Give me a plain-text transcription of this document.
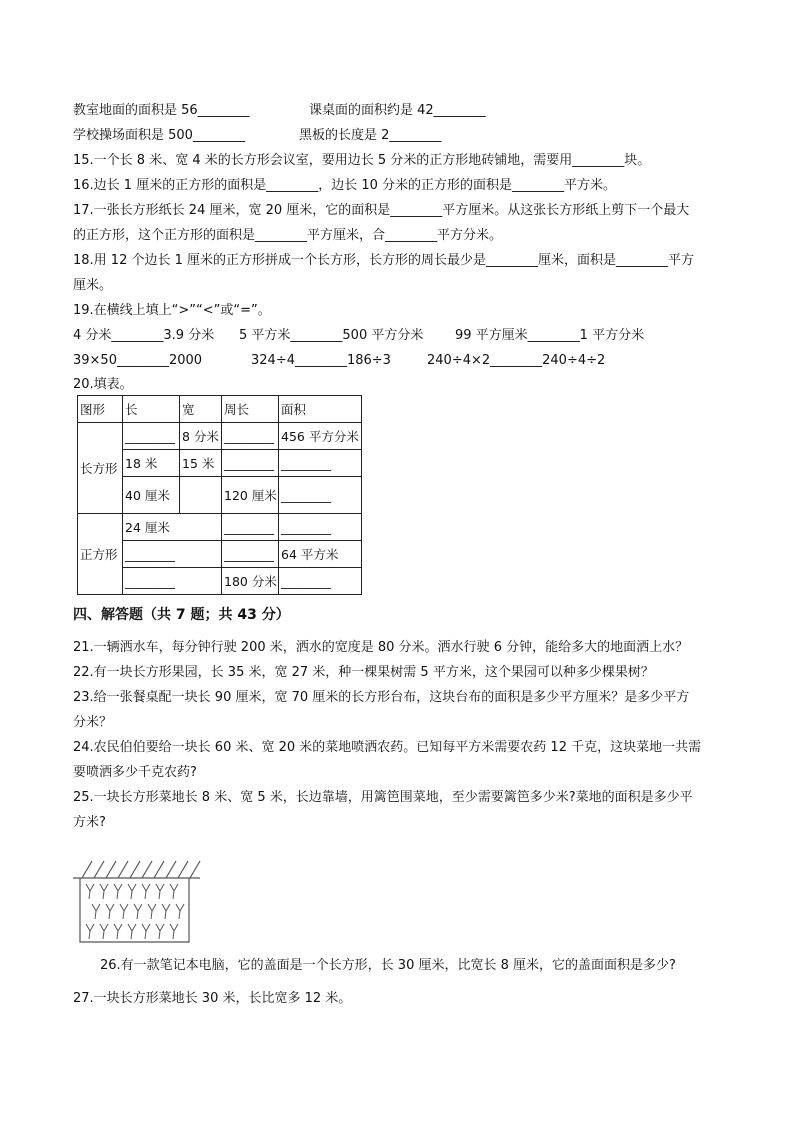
教室地面的面积是 56________	课桌面的面积约是 42________
学校操场面积是 500________	黑板的长度是 2________
15.一个长 8 米、宽 4 米的长方形会议室，要用边长 5 分米的正方形地砖铺地，需要用________块。
16.边长 1 厘米的正方形的面积是________，边长 10 分米的正方形的面积是________平方米。
17.一张长方形纸长 24 厘米，宽 20 厘米，它的面积是________平方厘米。从这张长方形纸上剪下一个最大
的正方形，这个正方形的面积是________平方厘米，合________平方分米。
18.用 12 个边长 1 厘米的正方形拼成一个长方形，长方形的周长最少是________厘米，面积是________平方
厘米。
19.在横线上填上“>”“<”或“=”。
4 分米________3.9 分米 5 平方米________500 平方分米 99 平方厘米________1 平方分米
39×50________2000	324÷4________186÷3	240÷4×2________240÷4÷2
20.填表。
图形	长	宽	周长	面积
长方形	________	8 分米	________	456 平方分米
	18 米	15 米	________	________
	40 厘米		120 厘米	________
正方形	24 厘米		________	________
	________		________	64 平方米
	________		180 分米	________
四、解答题（共 7 题；共 43 分）
21.一辆洒水车，每分钟行驶 200 米，洒水的宽度是 80 分米。洒水行驶 6 分钟，能给多大的地面洒上水？
22.有一块长方形果园，长 35 米，宽 27 米，种一棵果树需 5 平方米，这个果园可以种多少棵果树？
23.给一张餐桌配一块长 90 厘米，宽 70 厘米的长方形台布，这块台布的面积是多少平方厘米？是多少平方
分米？
24.农民伯伯要给一块长 60 米、宽 20 米的菜地喷洒农药。已知每平方米需要农药 12 千克，这块菜地一共需
要喷洒多少千克农药?
25.一块长方形菜地长 8 米、宽 5 米，长边靠墙，用篱笆围菜地，至少需要篱笆多少米?菜地的面积是多少平
方米?
26.有一款笔记本电脑，它的盖面是一个长方形，长 30 厘米，比宽长 8 厘米，它的盖面面积是多少?
27.一块长方形菜地长 30 米，长比宽多 12 米。
